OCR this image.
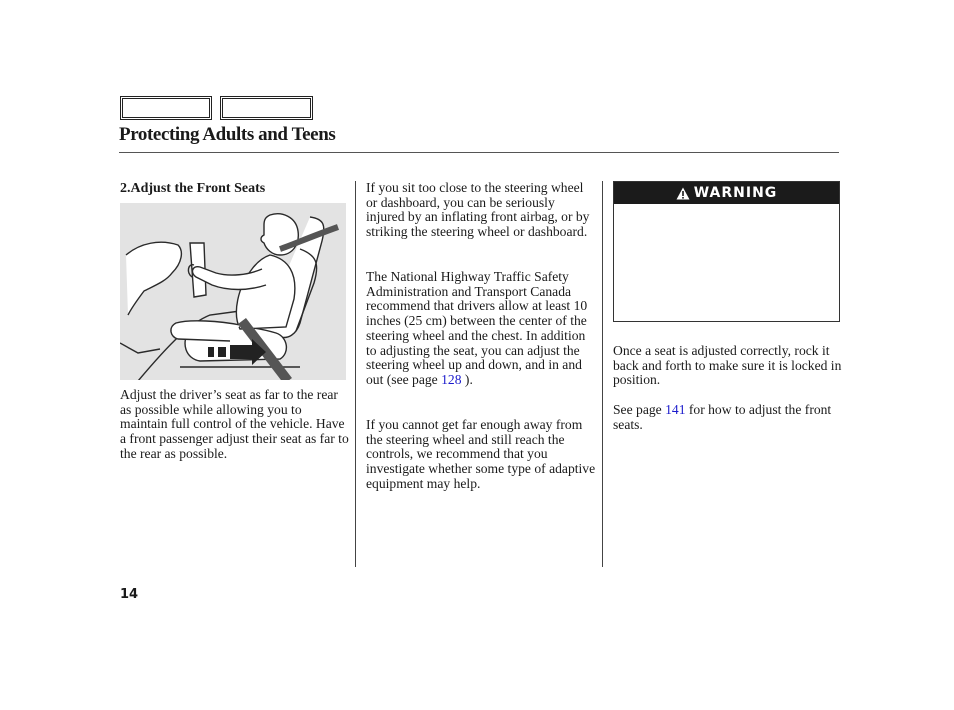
Protecting Adults and Teens
2.Adjust the Front Seats

Adjust the driver’s seat as far to the rear as possible while allowing you to maintain full control of the vehicle. Have a front passenger adjust their seat as far to the rear as possible.

If you sit too close to the steering wheel or dashboard, you can be seriously injured by an inflating front airbag, or by striking the steering wheel or dashboard.

The National Highway Traffic Safety Administration and Transport Canada recommend that drivers allow at least 10 inches (25 cm) between the center of the steering wheel and the chest. In addition to adjusting the seat, you can adjust the steering wheel up and down, and in and out (see page 128 ).

If you cannot get far enough away from the steering wheel and still reach the controls, we recommend that you investigate whether some type of adaptive equipment may help.

WARNING

Once a seat is adjusted correctly, rock it back and forth to make sure it is locked in position.

See page 141 for how to adjust the front seats.

14
